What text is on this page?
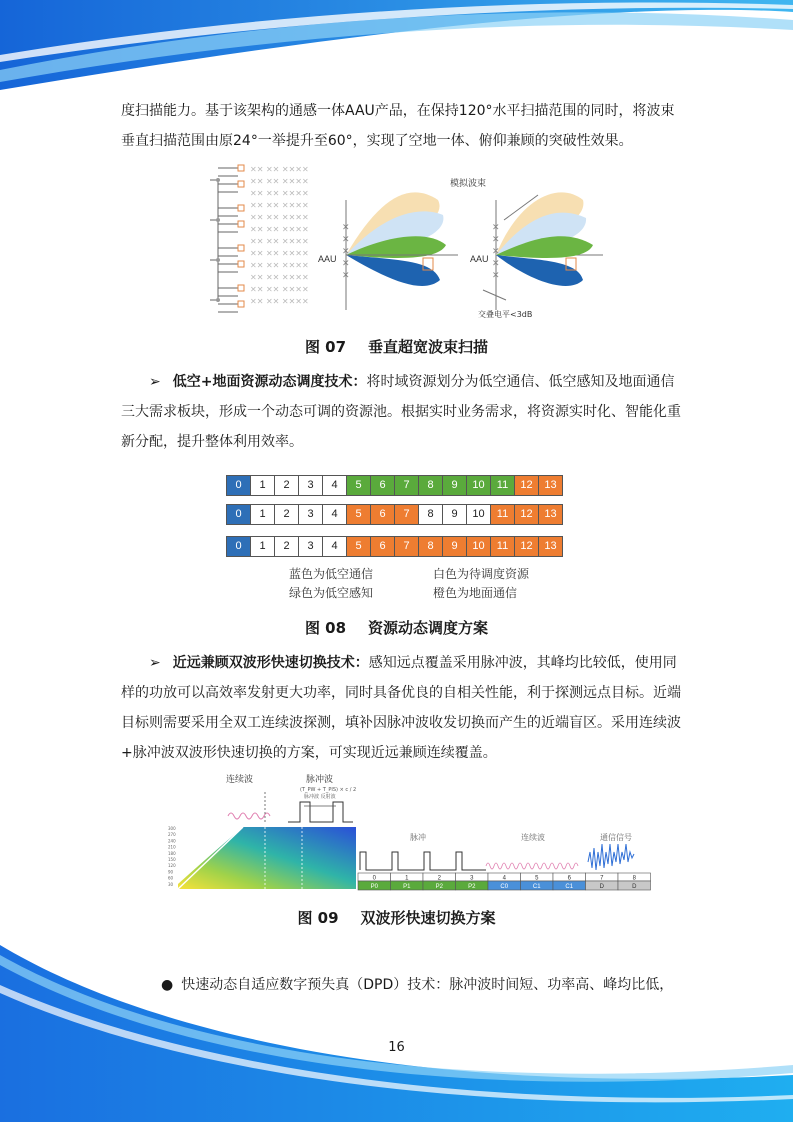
度扫描能力。基于该架构的通感一体AAU产品，在保持120°水平扫描范围的同时，将波束
垂直扫描范围由原24°一举提升至60°，实现了空地一体、俯仰兼顾的突破性效果。
✕✕ ✕✕ ✕✕✕✕
✕✕ ✕✕ ✕✕✕✕
✕✕ ✕✕ ✕✕✕✕
✕✕ ✕✕ ✕✕✕✕
✕✕ ✕✕ ✕✕✕✕
✕✕ ✕✕ ✕✕✕✕
✕✕ ✕✕ ✕✕✕✕
✕✕ ✕✕ ✕✕✕✕
✕✕ ✕✕ ✕✕✕✕
✕✕ ✕✕ ✕✕✕✕
✕✕ ✕✕ ✕✕✕✕
✕✕ ✕✕ ✕✕✕✕
✕
✕
✕
✕
✕
AAU
✕
✕
✕
✕
✕
AAU
模拟波束
交叠电平<3dB
图 07 垂直超宽波束扫描
➢ 低空+地面资源动态调度技术：将时域资源划分为低空通信、低空感知及地面通信
三大需求板块，形成一个动态可调的资源池。根据实时业务需求，将资源实时化、智能化重
新分配，提升整体利用效率。
0	1	2	3	4	5	6	7	8	9	10	11	12	13
0	1	2	3	4	5	6	7	8	9	10	11	12	13
0	1	2	3	4	5	6	7	8	9	10	11	12	13
蓝色为低空通信
绿色为低空感知
白色为待调度资源
橙色为地面通信
图 08 资源动态调度方案
➢ 近远兼顾双波形快速切换技术：感知远点覆盖采用脉冲波，其峰均比较低，使用同
样的功放可以高效率发射更大功率，同时具备优良的自相关性能，利于探测远点目标。近端
目标则需要采用全双工连续波探测，填补因脉冲波收发切换而产生的近端盲区。采用连续波
+脉冲波双波形快速切换的方案，可实现近远兼顾连续覆盖。
连续波	脉冲波
(T_PW + T_PIS) × c / 2
脉冲波 反射波
300
270
240
210
180
150
120
90
60
30
脉冲	连续波	通信信号
0
P0
1
P1
2
P2
3
P2
4
C0
5
C1
6
C1
7
D
8
D
图 09 双波形快速切换方案
● 快速动态自适应数字预失真（DPD）技术：脉冲波时间短、功率高、峰均比低，
16
